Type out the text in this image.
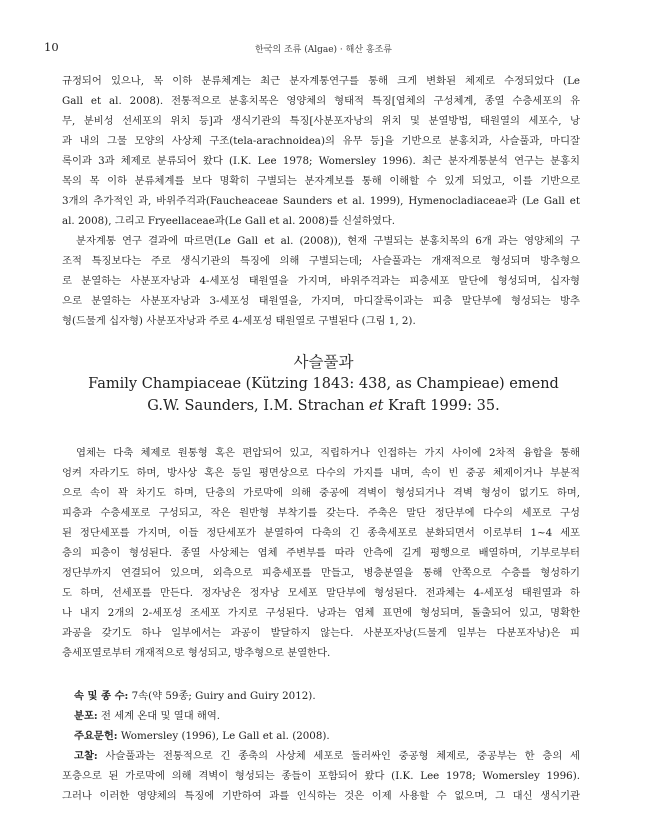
10	한국의 조류 (Algae) · 해산 홍조류
규정되어 있으나, 목 이하 분류체계는 최근 분자계통연구를 통해 크게 변화된 체제로 수정되었다 (Le
Gall et al. 2008). 전통적으로 분홍치목은 영양체의 형태적 특징[엽체의 구성체계, 종열 수층세포의 유
무, 분비성 선세포의 위치 등]과 생식기관의 특징[사분포자낭의 위치 및 분열방법, 태원열의 세포수, 낭
과 내의 그물 모양의 사상체 구조(tela-arachnoidea)의 유무 등]을 기반으로 분홍치과, 사슬풀과, 마디잘
록이과 3과 체제로 분류되어 왔다 (I.K. Lee 1978; Womersley 1996). 최근 분자계통분석 연구는 분홍치
목의 목 이하 분류체계를 보다 명확히 구별되는 분자계보를 통해 이해할 수 있게 되었고, 이를 기반으로
3개의 추가적인 과, 바위주걱과(Faucheaceae Saunders et al. 1999), Hymenocladiaceae과 (Le Gall et
al. 2008), 그리고 Fryeellaceae과(Le Gall et al. 2008)를 신설하였다.
분자계통 연구 결과에 따르면(Le Gall et al. (2008)), 현재 구별되는 분홍치목의 6개 과는 영양체의 구
조적 특징보다는 주로 생식기관의 특징에 의해 구별되는데; 사슬풀과는 개재적으로 형성되며 방추형으
로 분열하는 사분포자낭과 4-세포성 태원열을 가지며, 바위주걱과는 피층세포 말단에 형성되며, 십자형
으로 분열하는 사분포자낭과 3-세포성 태원열을, 가지며, 마디잘록이과는 피층 말단부에 형성되는 방추
형(드물게 십자형) 사분포자낭과 주로 4-세포성 태원열로 구별된다 (그림 1, 2).
사슬풀과
Family Champiaceae (Kützing 1843: 438, as Champieae) emend
G.W. Saunders, I.M. Strachan et Kraft 1999: 35.
엽체는 다축 체제로 원통형 혹은 편압되어 있고, 직립하거나 인접하는 가지 사이에 2차적 융합을 통해
엉켜 자라기도 하며, 방사상 혹은 등일 평면상으로 다수의 가지를 내며, 속이 빈 중공 체제이거나 부분적
으로 속이 꽉 차기도 하며, 단층의 가로막에 의해 중공에 격벽이 형성되거나 격벽 형성이 없기도 하며,
피층과 수층세포로 구성되고, 작은 원반형 부착기를 갖는다. 주축은 말단 정단부에 다수의 세포로 구성
된 정단세포를 가지며, 이들 정단세포가 분열하여 다축의 긴 종축세포로 분화되면서 이로부터 1~4 세포
층의 피층이 형성된다. 종열 사상체는 엽체 주변부를 따라 안측에 길게 평행으로 배열하며, 기부로부터
정단부까지 연결되어 있으며, 외측으로 피층세포를 만들고, 병층분열을 통해 안쪽으로 수층를 형성하기
도 하며, 선세포를 만든다. 정자낭은 정자낭 모세포 말단부에 형성된다. 전과체는 4-세포성 태원열과 하
나 내지 2개의 2-세포성 조세포 가지로 구성된다. 낭과는 엽체 표면에 형성되며, 돌출되어 있고, 명확한
과공을 갖기도 하나 일부에서는 과공이 발달하지 않는다. 사분포자낭(드물게 일부는 다분포자낭)은 피
층세포열로부터 개재적으로 형성되고, 방추형으로 분열한다.
속 및 종 수: 7속(약 59종; Guiry and Guiry 2012).
분포: 전 세계 온대 및 열대 해역.
주요문헌: Womersley (1996), Le Gall et al. (2008).
고찰: 사슬풀과는 전통적으로 긴 종축의 사상체 세포로 둘러싸인 중공형 체제로, 중공부는 한 층의 세
포층으로 된 가로막에 의해 격벽이 형성되는 종들이 포함되어 왔다 (I.K. Lee 1978; Womersley 1996).
그러나 이러한 영양체의 특징에 기반하여 과를 인식하는 것은 이제 사용할 수 없으며, 그 대신 생식기관
